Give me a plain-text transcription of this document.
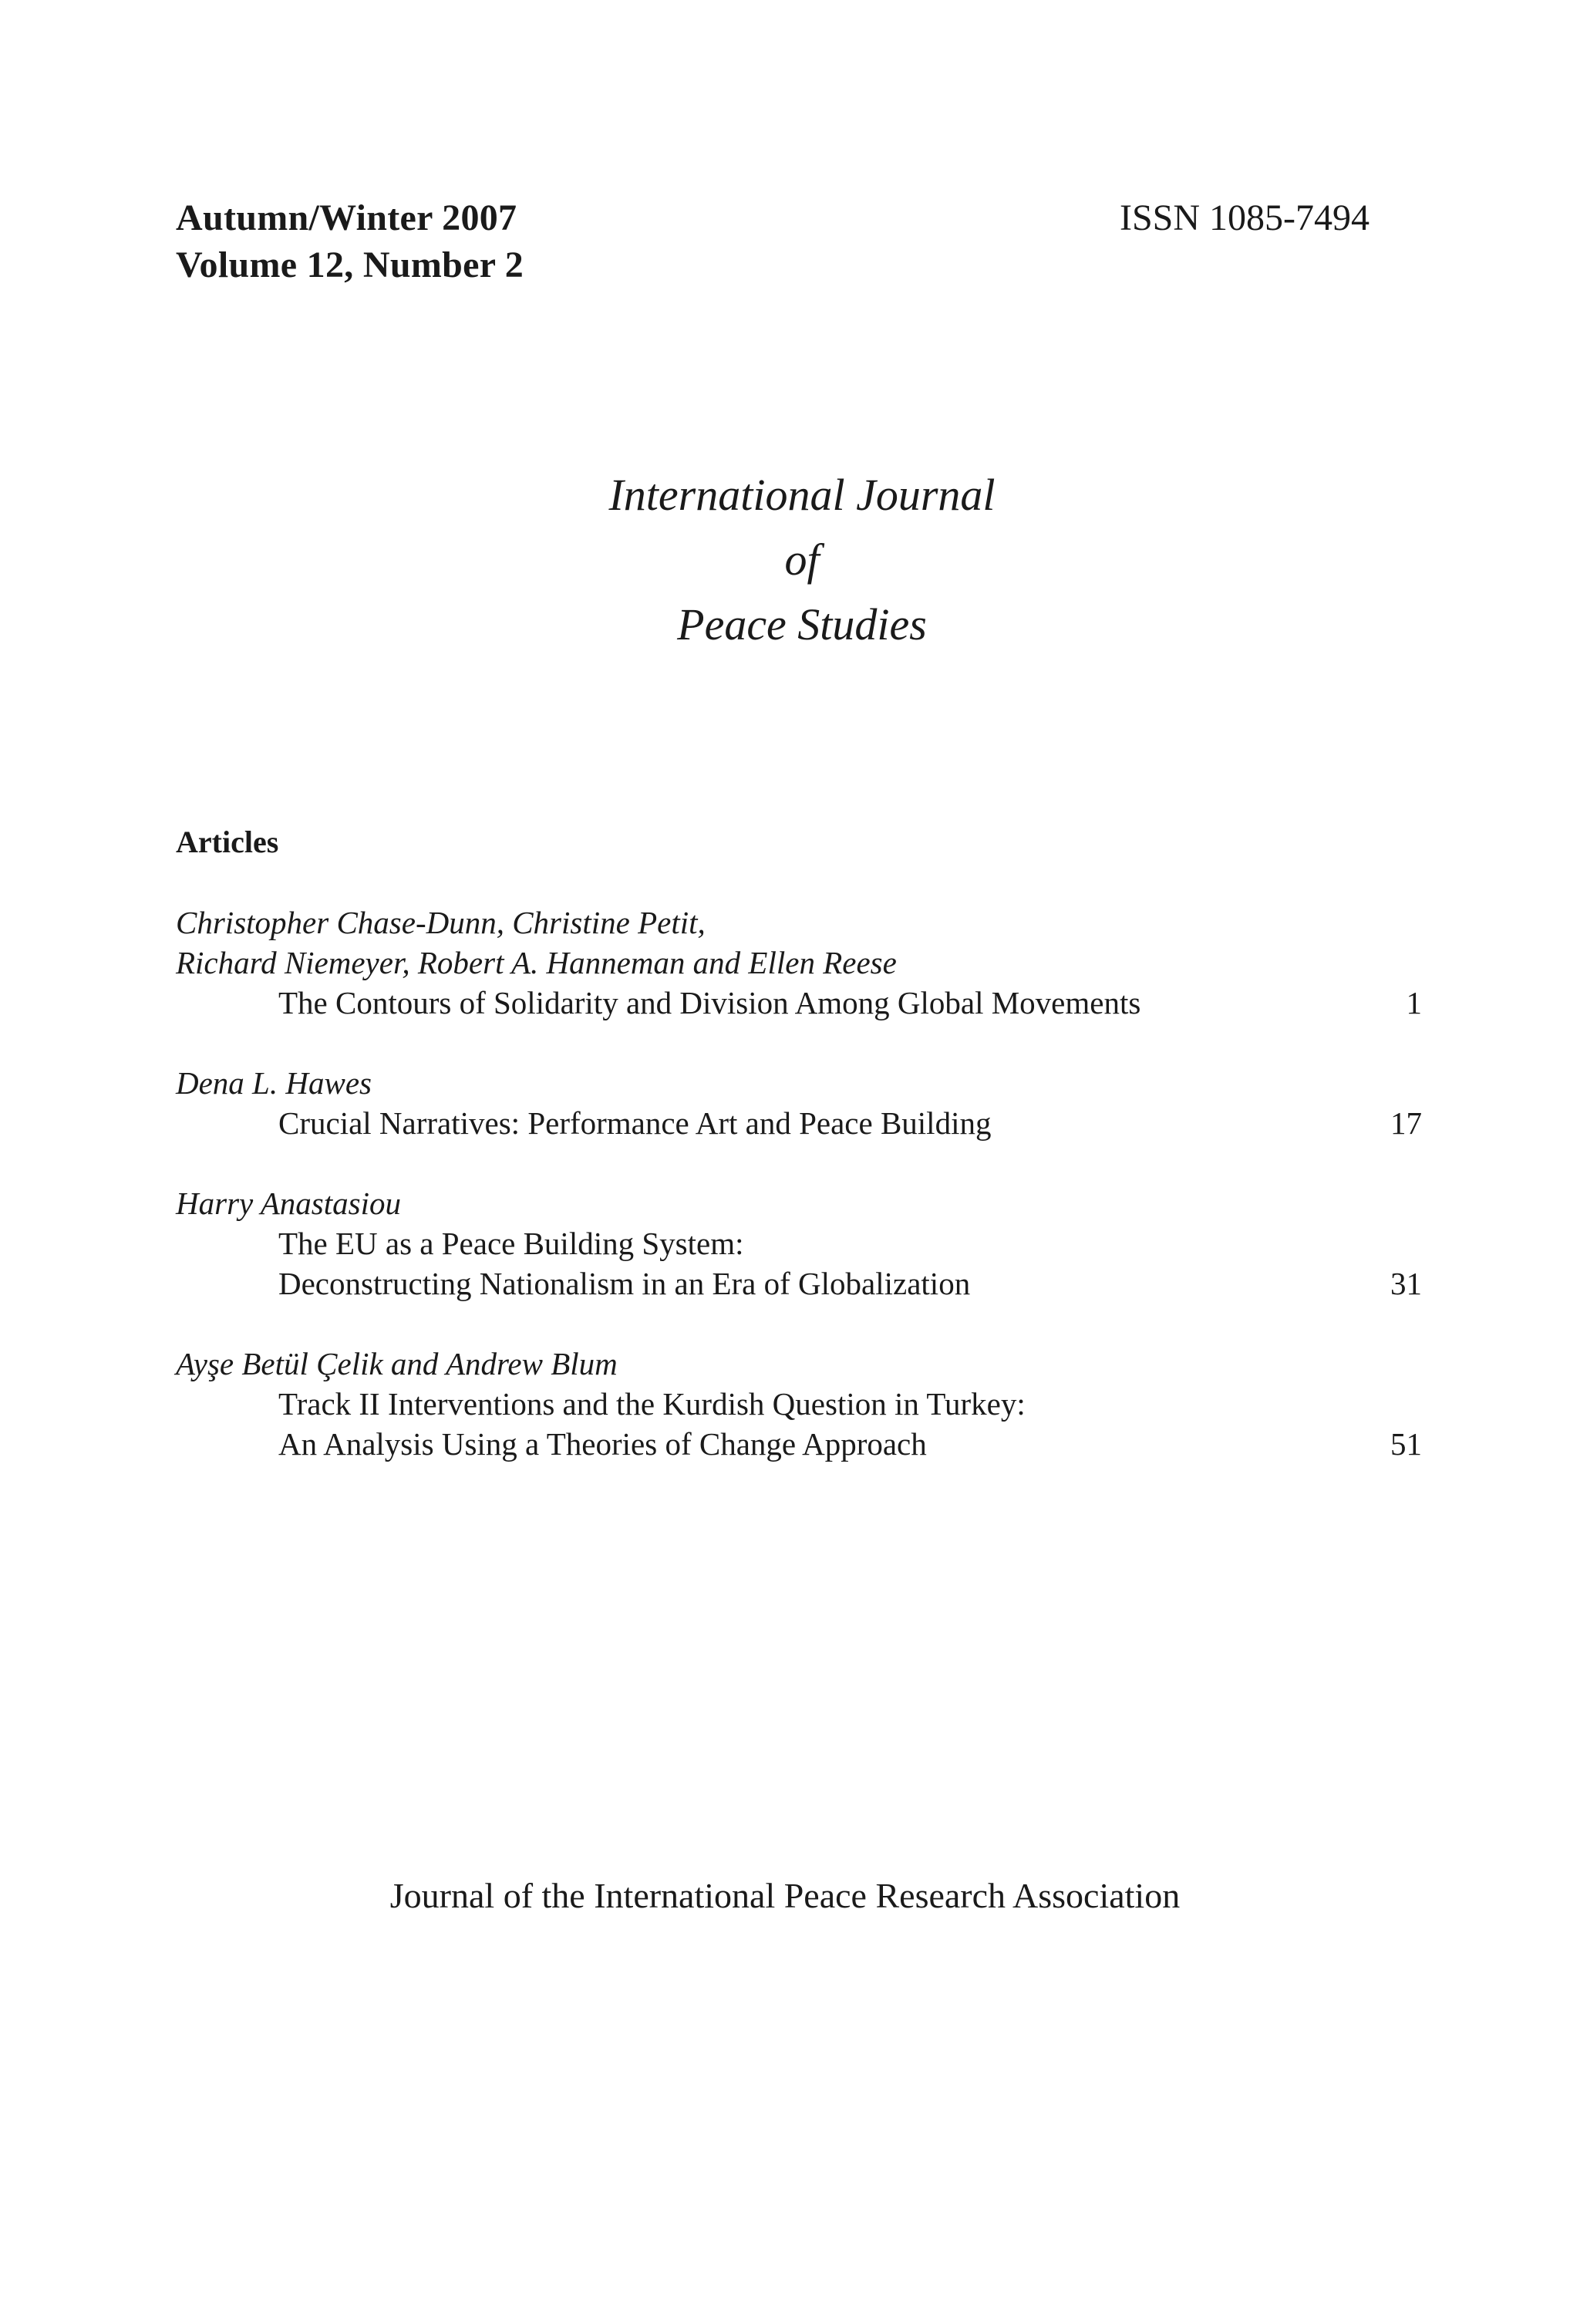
Autumn/Winter 2007
Volume 12, Number 2
ISSN 1085-7494
International Journal
of
Peace Studies
Articles
Christopher Chase-Dunn, Christine Petit,
Richard Niemeyer, Robert A. Hanneman and Ellen Reese
The Contours of Solidarity and Division Among Global Movements	1
Dena L. Hawes
Crucial Narratives: Performance Art and Peace Building	17
Harry Anastasiou
The EU as a Peace Building System:
Deconstructing Nationalism in an Era of Globalization	31
Ayşe Betül Çelik and Andrew Blum
Track II Interventions and the Kurdish Question in Turkey:
An Analysis Using a Theories of Change Approach	51
Journal of the International Peace Research Association
